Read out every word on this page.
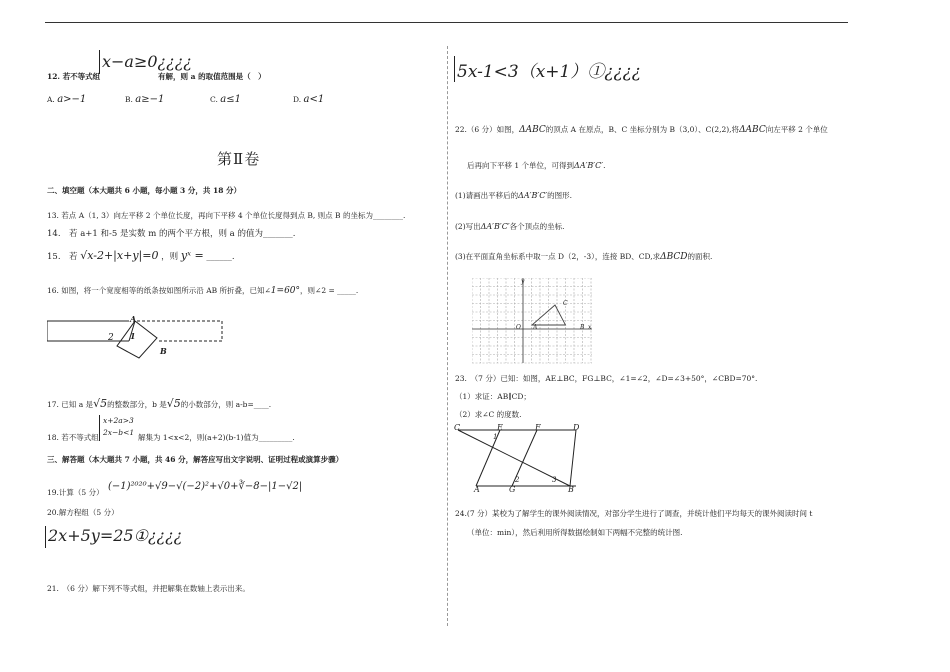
x−a≥0¿¿¿¿
12. 若不等式组	有解，则 a 的取值范围是（　）
A. a>−1	B. a≥−1	C. a≤1	D. a<1
第Ⅱ卷
二、填空题（本大题共 6 小题，每小题 3 分，共 18 分）
13. 若点 A（1, 3）向左平移 2 个单位长度，再向下平移 4 个单位长度得到点 B, 则点 B 的坐标为________.
14.　若 a+1 和-5 是实数 m 的两个平方根，则 a 的值为_______.
15.　若 √x-2+|x+y|=0 ，则 yˣ = ______.
16. 如图，将一个宽度相等的纸条按如图所示沿 AB 所折叠，已知∠1=60°，则∠2 = _____.
A
2 1
B
17. 已知 a 是√5的整数部分，b 是√5的小数部分，则 a-b=____.
x+2a>3
2x−b<1
18. 若不等式组	解集为 1<x<2，则(a+2)(b-1)值为_________.
三、解答题（本大题共 7 小题，共 46 分，解答应写出文字说明、证明过程或演算步骤）
19.计算（5 分）
(−1)²⁰²⁰+√9−√(−2)²+√0+∛−8−|1−√2|
20.解方程组（5 分）
2x+5y=25①¿¿¿¿
21.　（6 分）解下列不等式组，并把解集在数轴上表示出来。
5x-1<3（x+1）①¿¿¿¿
22.（6 分）如图，ΔABC的顶点 A 在原点，B、C 坐标分别为 B（3,0）、C(2,2),将ΔABC向左平移 2 个单位
后再向下平移 1 个单位，可得到ΔA′B′C′.
(1)请画出平移后的ΔA′B′C′的图形.
(2)写出ΔA′B′C′各个顶点的坐标.
(3)在平面直角坐标系中取一点 D（2，-3），连接 BD、CD,求ΔBCD的面积.
y
O A
C
B x
23.　（7 分）已知：如图，AE⊥BC，FG⊥BC，∠1=∠2，∠D=∠3+50°，∠CBD=70°.
（1）求证：AB∥CD；
（2）求∠C 的度数.
C	E	F	D
1
2	3
A	G	B
24.(7 分）某校为了解学生的课外阅读情况，对部分学生进行了调查，并统计他们平均每天的课外阅读时间 t
（单位：min），然后利用所得数据绘制如下两幅不完整的统计图.
